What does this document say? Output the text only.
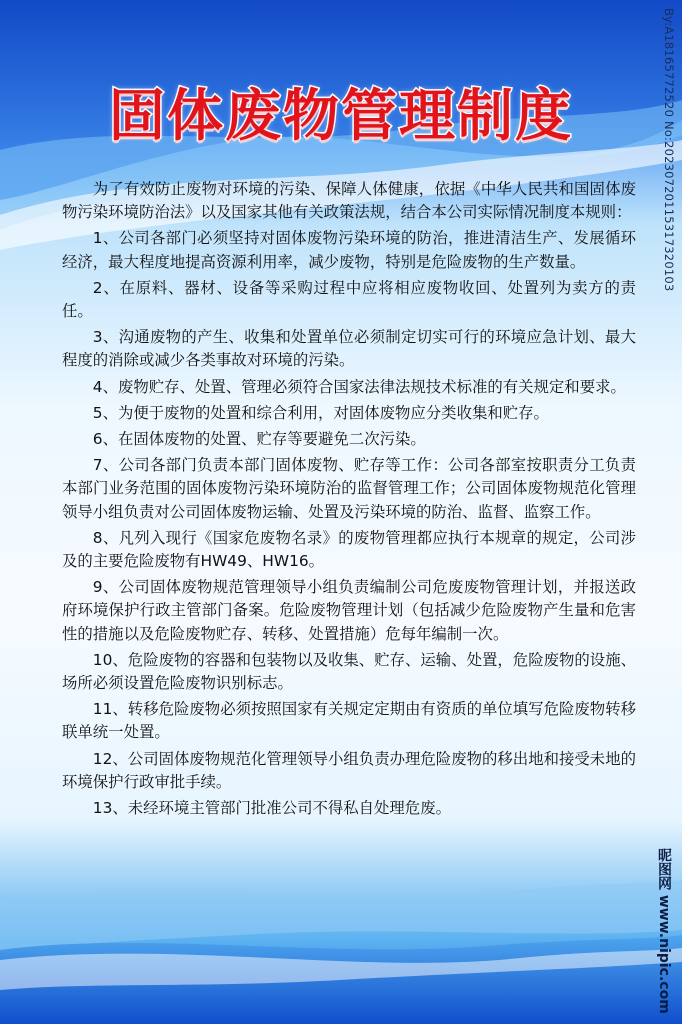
固体废物管理制度

为了有效防止废物对环境的污染、保障人体健康，依据《中华人民共和国固体废物污染环境防治法》以及国家其他有关政策法规，结合本公司实际情况制度本规则：

1、公司各部门必须坚持对固体废物污染环境的防治，推进清洁生产、发展循环经济，最大程度地提高资源利用率，减少废物，特别是危险废物的生产数量。

2、在原料、器材、设备等采购过程中应将相应废物收回、处置列为卖方的责任。

3、沟通废物的产生、收集和处置单位必须制定切实可行的环境应急计划、最大程度的消除或减少各类事故对环境的污染。

4、废物贮存、处置、管理必须符合国家法律法规技术标准的有关规定和要求。

5、为便于废物的处置和综合利用，对固体废物应分类收集和贮存。

6、在固体废物的处置、贮存等要避免二次污染。

7、公司各部门负责本部门固体废物、贮存等工作：公司各部室按职责分工负责本部门业务范围的固体废物污染环境防治的监督管理工作；公司固体废物规范化管理领导小组负责对公司固体废物运输、处置及污染环境的防治、监督、监察工作。

8、凡列入现行《国家危废物名录》的废物管理都应执行本规章的规定，公司涉及的主要危险废物有HW49、HW16。

9、公司固体废物规范管理领导小组负责编制公司危废废物管理计划，并报送政府环境保护行政主管部门备案。危险废物管理计划（包括减少危险废物产生量和危害性的措施以及危险废物贮存、转移、处置措施）危每年编制一次。

10、危险废物的容器和包装物以及收集、贮存、运输、处置，危险废物的设施、场所必须设置危险废物识别标志。

11、转移危险废物必须按照国家有关规定定期由有资质的单位填写危险废物转移联单统一处置。

12、公司固体废物规范化管理领导小组负责办理危险废物的移出地和接受未地的环境保护行政审批手续。

13、未经环境主管部门批准公司不得私自处理危废。

By:A18165772520 No:20230720115317320103
昵图网 www.nipic.com
